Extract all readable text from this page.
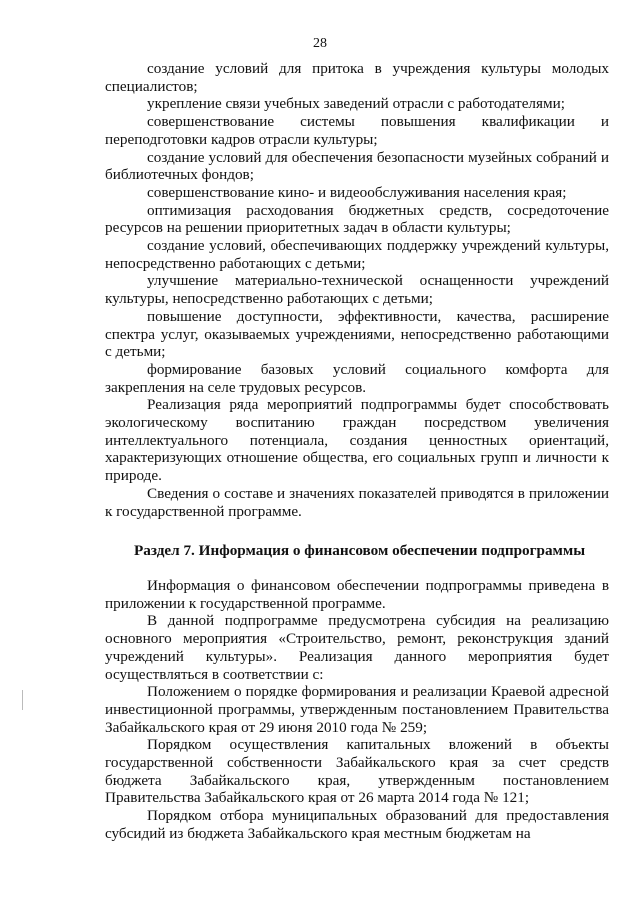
28

создание условий для притока в учреждения культуры молодых специалистов;

укрепление связи учебных заведений отрасли с работодателями;

совершенствование системы повышения квалификации и переподготовки кадров отрасли культуры;

создание условий для обеспечения безопасности музейных собраний и библиотечных фондов;

совершенствование кино- и видеообслуживания населения края;

оптимизация расходования бюджетных средств, сосредоточение ресурсов на решении приоритетных задач в области культуры;

создание условий, обеспечивающих поддержку учреждений культуры, непосредственно работающих с детьми;

улучшение материально-технической оснащенности учреждений культуры, непосредственно работающих с детьми;

повышение доступности, эффективности, качества, расширение спектра услуг, оказываемых учреждениями, непосредственно работающими с детьми;

формирование базовых условий социального комфорта для закрепления на селе трудовых ресурсов.

Реализация ряда мероприятий подпрограммы будет способствовать экологическому воспитанию граждан посредством увеличения интеллектуального потенциала, создания ценностных ориентаций, характеризующих отношение общества, его социальных групп и личности к природе.

Сведения о составе и значениях показателей приводятся в приложении к государственной программе.

Раздел 7. Информация о финансовом обеспечении подпрограммы

Информация о финансовом обеспечении подпрограммы приведена в приложении к государственной программе.

В данной подпрограмме предусмотрена субсидия на реализацию основного мероприятия «Строительство, ремонт, реконструкция зданий учреждений культуры». Реализация данного мероприятия будет осуществляться в соответствии с:

Положением о порядке формирования и реализации Краевой адресной инвестиционной программы, утвержденным постановлением Правительства Забайкальского края от 29 июня 2010 года № 259;

Порядком осуществления капитальных вложений в объекты государственной собственности Забайкальского края за счет средств бюджета Забайкальского края, утвержденным постановлением Правительства Забайкальского края от 26 марта 2014 года № 121;

Порядком отбора муниципальных образований для предоставления субсидий из бюджета Забайкальского края местным бюджетам на
